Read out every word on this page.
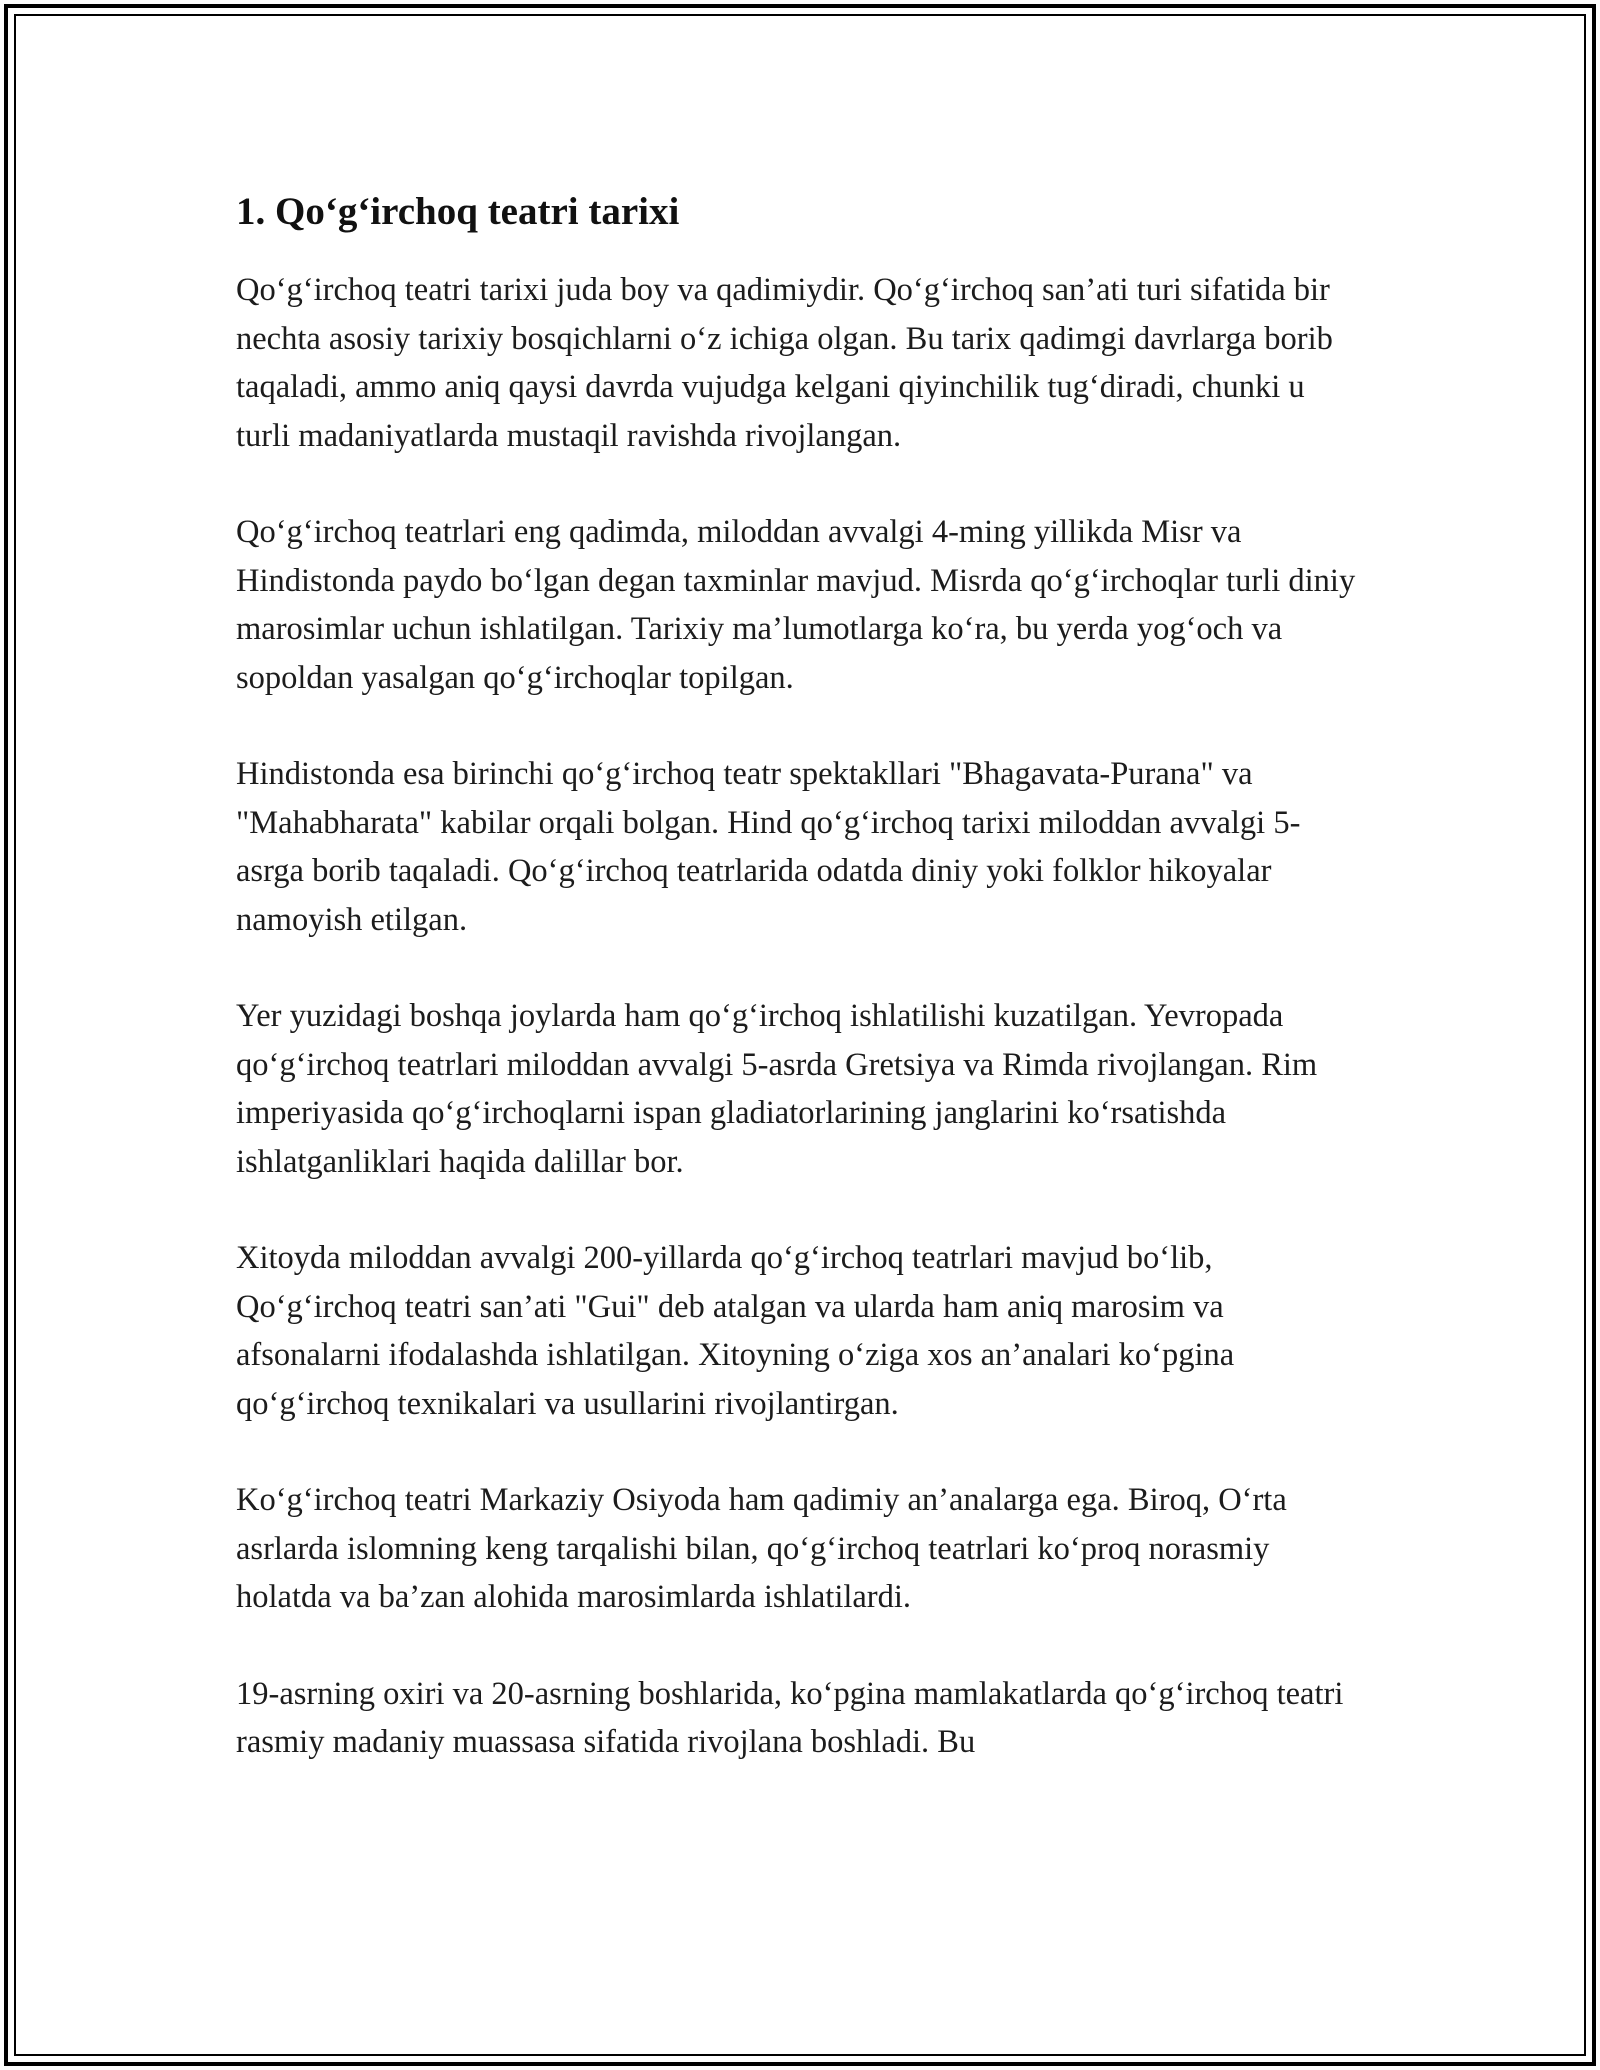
1. Qo‘g‘irchoq teatri tarixi

Qo‘g‘irchoq teatri tarixi juda boy va qadimiydir. Qo‘g‘irchoq san’ati turi sifatida bir nechta asosiy tarixiy bosqichlarni o‘z ichiga olgan. Bu tarix qadimgi davrlarga borib taqaladi, ammo aniq qaysi davrda vujudga kelgani qiyinchilik tug‘diradi, chunki u turli madaniyatlarda mustaqil ravishda rivojlangan.

Qo‘g‘irchoq teatrlari eng qadimda, miloddan avvalgi 4-ming yillikda Misr va Hindistonda paydo bo‘lgan degan taxminlar mavjud. Misrda qo‘g‘irchoqlar turli diniy marosimlar uchun ishlatilgan. Tarixiy ma’lumotlarga ko‘ra, bu yerda yog‘och va sopoldan yasalgan qo‘g‘irchoqlar topilgan.

Hindistonda esa birinchi qo‘g‘irchoq teatr spektakllari "Bhagavata-Purana" va "Mahabharata" kabilar orqali bolgan. Hind qo‘g‘irchoq tarixi miloddan avvalgi 5-asrga borib taqaladi. Qo‘g‘irchoq teatrlarida odatda diniy yoki folklor hikoyalar namoyish etilgan.

Yer yuzidagi boshqa joylarda ham qo‘g‘irchoq ishlatilishi kuzatilgan. Yevropada qo‘g‘irchoq teatrlari miloddan avvalgi 5-asrda Gretsiya va Rimda rivojlangan. Rim imperiyasida qo‘g‘irchoqlarni ispan gladiatorlarining janglarini ko‘rsatishda ishlatganliklari haqida dalillar bor.

Xitoyda miloddan avvalgi 200-yillarda qo‘g‘irchoq teatrlari mavjud bo‘lib, Qo‘g‘irchoq teatri san’ati "Gui" deb atalgan va ularda ham aniq marosim va afsonalarni ifodalashda ishlatilgan. Xitoyning o‘ziga xos an’analari ko‘pgina qo‘g‘irchoq texnikalari va usullarini rivojlantirgan.

Ko‘g‘irchoq teatri Markaziy Osiyoda ham qadimiy an’analarga ega. Biroq, O‘rta asrlarda islomning keng tarqalishi bilan, qo‘g‘irchoq teatrlari ko‘proq norasmiy holatda va ba’zan alohida marosimlarda ishlatilardi.

19-asrning oxiri va 20-asrning boshlarida, ko‘pgina mamlakatlarda qo‘g‘irchoq teatri rasmiy madaniy muassasa sifatida rivojlana boshladi. Bu
